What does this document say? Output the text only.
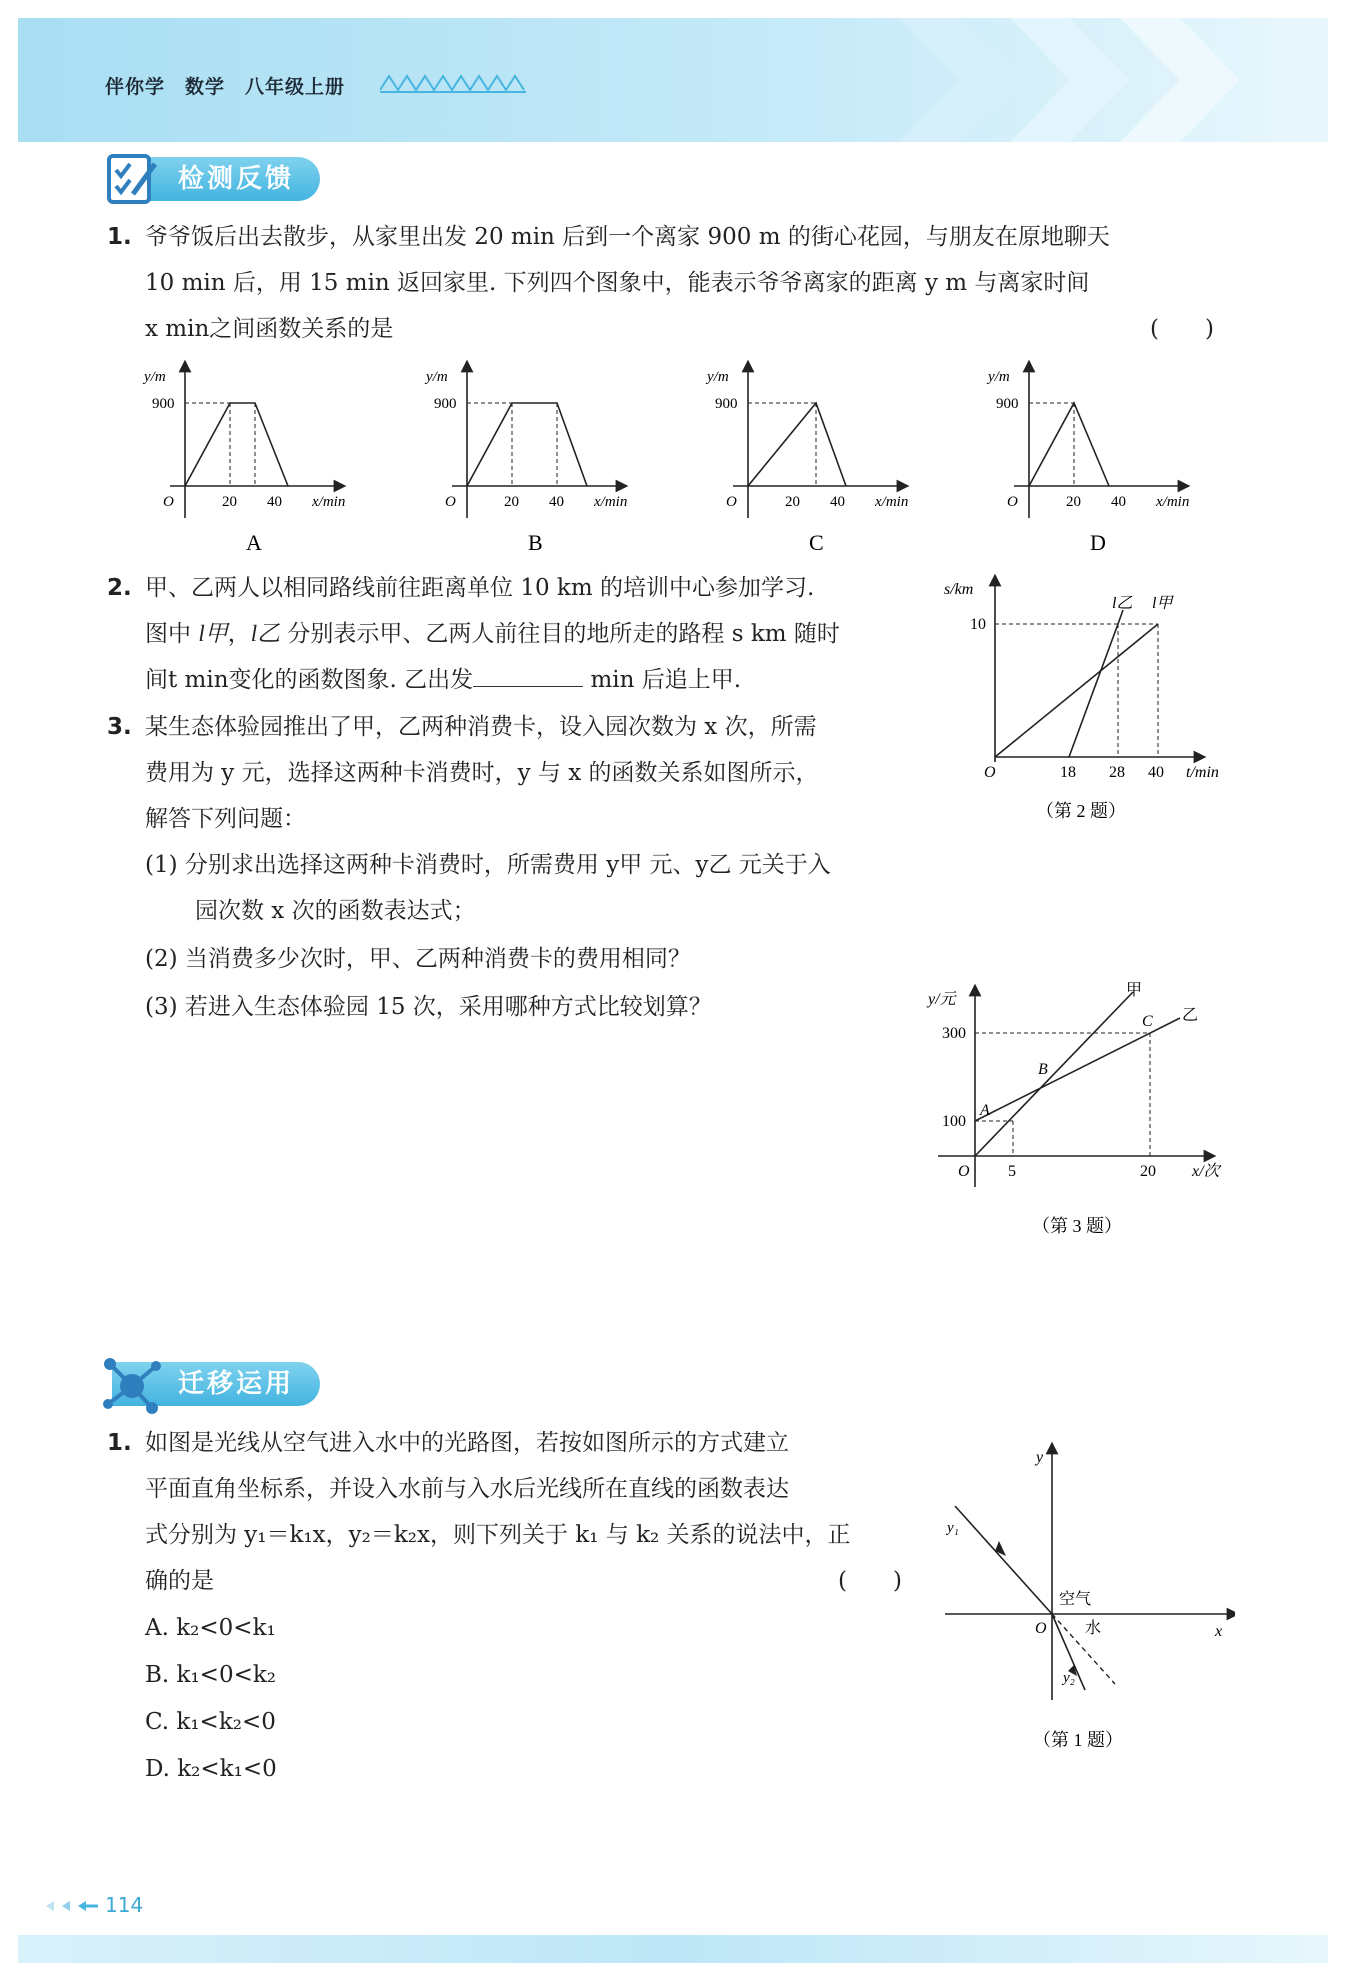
伴你学　数学　八年级上册
检测反馈
1. 爷爷饭后出去散步，从家里出发 20 min 后到一个离家 900 m 的街心花园，与朋友在原地聊天
10 min 后，用 15 min 返回家里. 下列四个图象中，能表示爷爷离家的距离 y m 与离家时间
x min之间函数关系的是	(　　)
y/m
900
O	20 40 x/min
A
y/m
900
O	20 40 x/min
B
y/m
900
O	20 40 x/min
C
y/m
900
O	20 40 x/min
D
2. 甲、乙两人以相同路线前往距离单位 10 km 的培训中心参加学习.
图中 l甲，l乙 分别表示甲、乙两人前往目的地所走的路程 s km 随时
间t min变化的函数图象. 乙出发	min 后追上甲.
s/km
10
l乙 l甲
O	18 28 40 t/min
（第 2 题）
3. 某生态体验园推出了甲，乙两种消费卡，设入园次数为 x 次，所需
费用为 y 元，选择这两种卡消费时，y 与 x 的函数关系如图所示，
解答下列问题：
(1) 分别求出选择这两种卡消费时，所需费用 y甲 元、y乙 元关于入
园次数 x 次的函数表达式；
(2) 当消费多少次时，甲、乙两种消费卡的费用相同？
(3) 若进入生态体验园 15 次，采用哪种方式比较划算？	y/元
300
100
甲
乙
A
B
C
O 5	20 x/次
（第 3 题）
迁移运用
1. 如图是光线从空气进入水中的光路图，若按如图所示的方式建立
平面直角坐标系，并设入水前与入水后光线所在直线的函数表达
式分别为 y₁＝k₁x，y₂＝k₂x，则下列关于 k₁ 与 k₂ 关系的说法中，正
确的是	(　　)
A. k₂<0<k₁
B. k₁<0<k₂
C. k₁<k₂<0
D. k₂<k₁<0
y
x
O
y₁
y₂
空气
水
（第 1 题）
114
